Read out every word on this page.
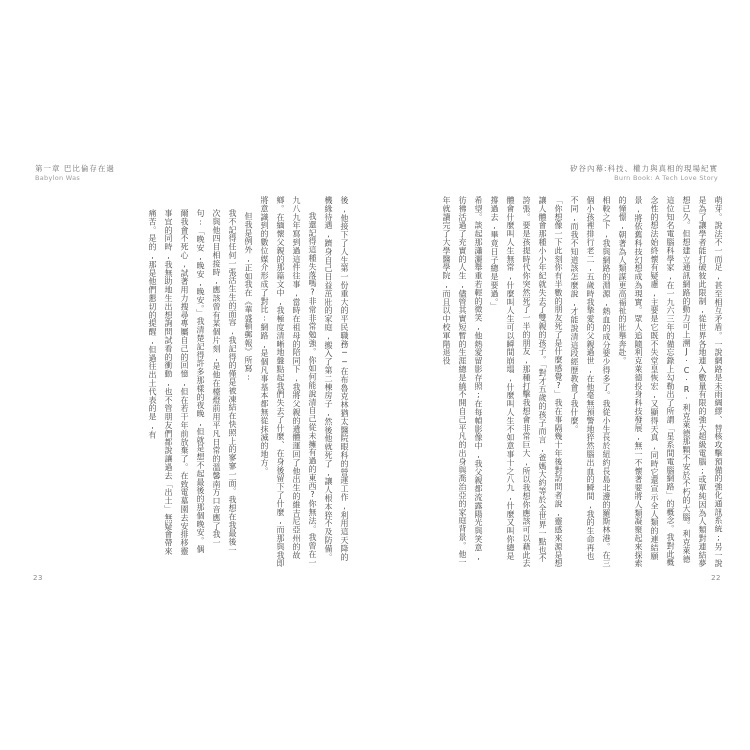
第一章 巴比倫存在過
Babylon Was
矽谷內幕:科技、權力與真相的現場紀實
Burn Book: A Tech Love Story

後,他接下了人生第一份重大的平民職務──在布魯克林猶太醫院眼科的營運工作,利用這天降的機緣待遇,躋身自己日益茁壯的家庭,搬入了第二棟房子,然後他就死了,讓人根本猝不及防備。

我還記得這種失落嗎?非常非常勉強。你如何能說清自己從未擁有過的東西?你無法。我曾在一九八九年寫到過這件往事,當時在祖母的陪同下,我將父親的遺體運回了他出生的維吉尼亞州的故鄉。在緬懷父親的那篇文中,我極度清晰地盤點起我們失去了什麼、在身後留下了什麼,而那與我即將意識到的數位媒介形成了對比:網路,是個凡事基本都無從抹滅的地方。

但我是例外,正如我在《華盛頓郵報》所寫:

我不記得任何一張活生生的面容,我記得的僅是被凍結在快照上的寥寥一面。我想在我最後一次與他四目相接時,應該曾有某個片刻,是他在檯燈前用平凡日常的溫馨南方口音應了我一句:「晚安,晚安,晚安。」我清楚記得許多那樣的夜晚,但就是想不起最後的那個晚安。偶爾我會不死心,試著用力搜尋專屬自己的回憶,但在若干年前放棄了。在致電墓園去安排移靈事宜的同時,我無助地生出想詢問試看的衝動,也不管朋友們都說讓過去「出土」無疑會帶來痛苦。是的,那是他們懇切的提醒,但過往出土代表的是,有	萌芽。說法不一而足,甚至相互矛盾。一說網路是未雨綢繆、替核攻擊預備的強化通訊系統;另一說是為了讓學者能打破彼此限制,從世界各地連入數量有限的強大超級電腦;或單純因為人類對連結夢想已久。但想建立通訊網路的動力可上溯J‧C‧R‧利克萊德那顆不安於不朽的大腦。利克萊德這位知名電腦科學家,在一九六三年的備忘錄上勾勒出了所謂「星系間電腦網路」的概念。我對此概念性的想法始終懷有疑慮,主要是它既不失堂皇恢宏,又顯得天真,同時它還宣示全人類的連結願景,將依舊科技幻想成為現實。眾人追隨利克萊德投身科技發展,無一不懷著要將人類凝聚起來探索的憧憬,朝著為人類謀更高福祉的壯舉奔赴。

相較之下,我與網路的淵源,熱血的成分要少得多了。我從小生長於紐約長島北邊的羅斯林港。在三個小孩裡排行老二,五歲時我摯愛的父親過世,在他毫無預警地猝然腦出血的瞬間,我的生命再也不同,而我不知道該怎麼說,才能說清這段經歷教會了我什麼。

「你想像一下此刻你有半數的朋友死了是什麼感覺?」我在事隔幾十年後對訪問者說,靈感來源是想讓人體會那種小小年紀就失去了雙親的孩子。「對才五歲的孩子而言,爸媽大約等於全世界一點也不誇張。要是孩提時代你突然死了一半的朋友,那種打擊我想會非常巨大,所以我想你應該可以藉此去體會什麼叫人生無常,什麼叫人生可以瞬間崩塌,什麼叫人生不如意事十之八九,什麼又叫你總是撐過去,畢竟日子總是要過。」

希望。談起那瀟灑舉重若輕的微笑,他熱愛留影存照;在每幀影像中,我父親都流露陽光與笑意,彷彿活過了充實的人生,儘管其實短暫的生涯總是繞不開自己平凡的出身與喬治亞的家庭背景。他一年就讀完了大學醫學院,而且以中校軍階退役

23	22
